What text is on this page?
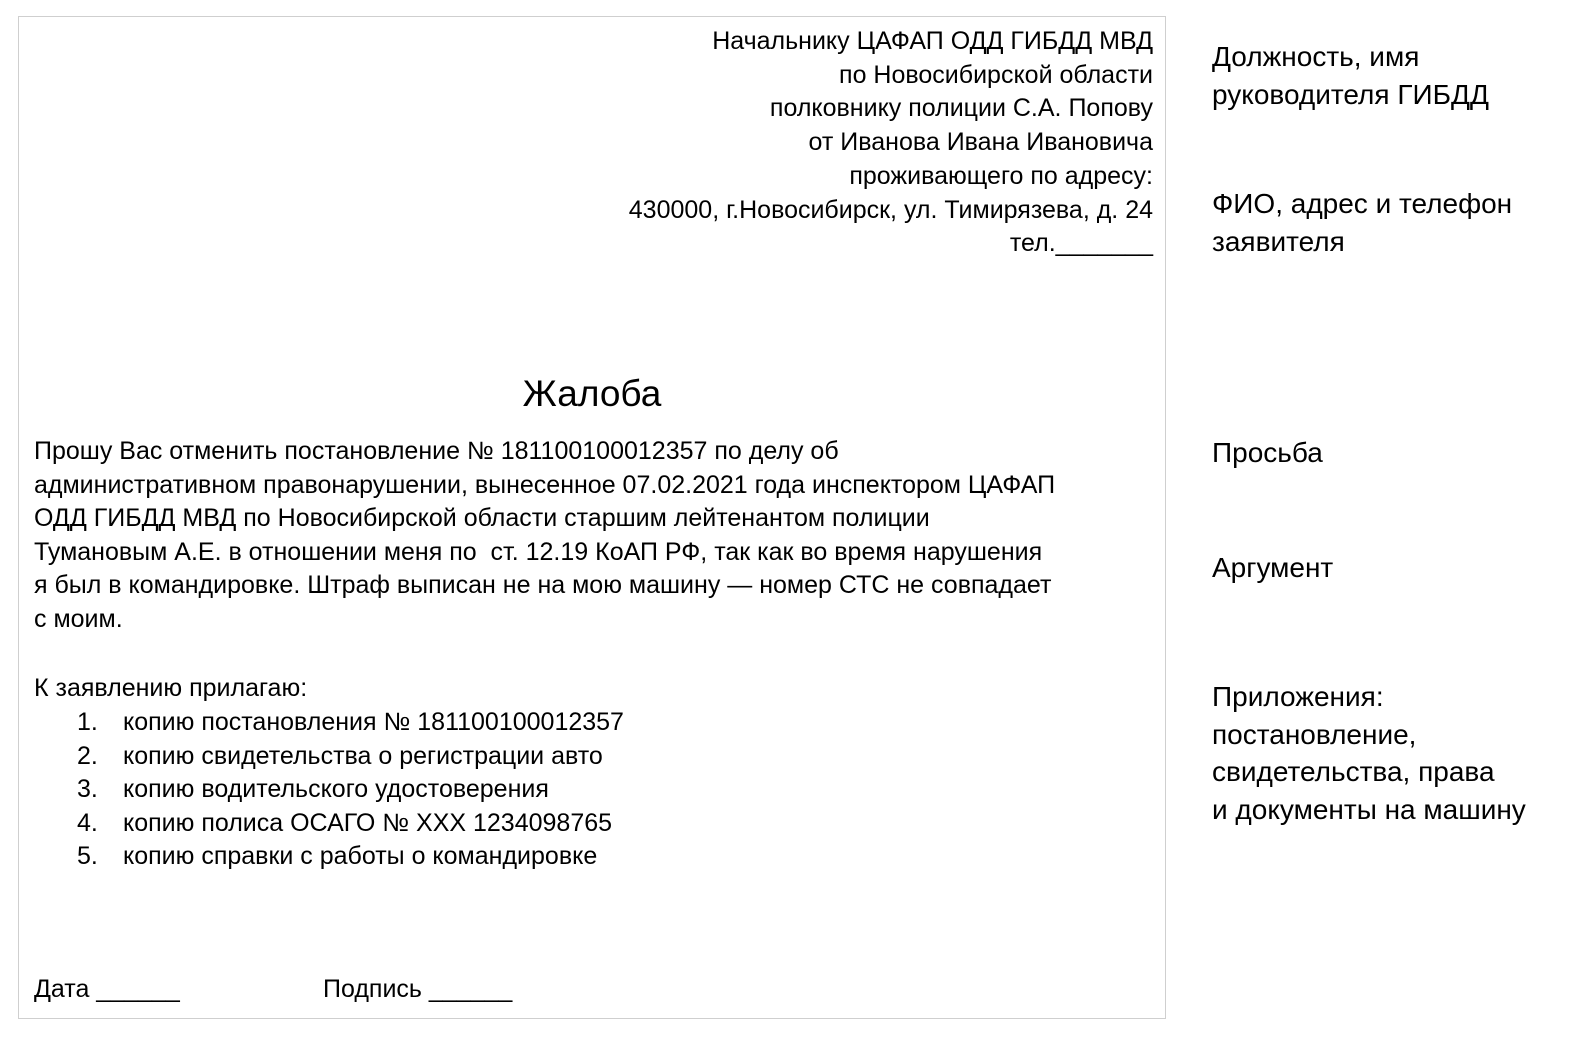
Начальнику ЦАФАП ОДД ГИБДД МВД
по Новосибирской области
полковнику полиции С.А. Попову
от Иванова Ивана Ивановича
проживающего по адресу:
430000, г.Новосибирск, ул. Тимирязева, д. 24
тел._______
Жалоба
Прошу Вас отменить постановление № 181100100012357 по делу об
административном правонарушении, вынесенное 07.02.2021 года инспектором ЦАФАП
ОДД ГИБДД МВД по Новосибирской области старшим лейтенантом полиции
Тумановым А.Е. в отношении меня по  ст. 12.19 КоАП РФ, так как во время нарушения
я был в командировке. Штраф выписан не на мою машину — номер СТС не совпадает
с моим.
К заявлению прилагаю:
1. копию постановления № 181100100012357
2. копию свидетельства о регистрации авто
3. копию водительского удостоверения
4. копию полиса ОСАГО № XXX 1234098765
5. копию справки с работы о командировке
Дата ______	Подпись ______
Должность, имя
руководителя ГИБДД
ФИО, адрес и телефон
заявителя
Просьба
Аргумент
Приложения:
постановление,
свидетельства, права
и документы на машину
